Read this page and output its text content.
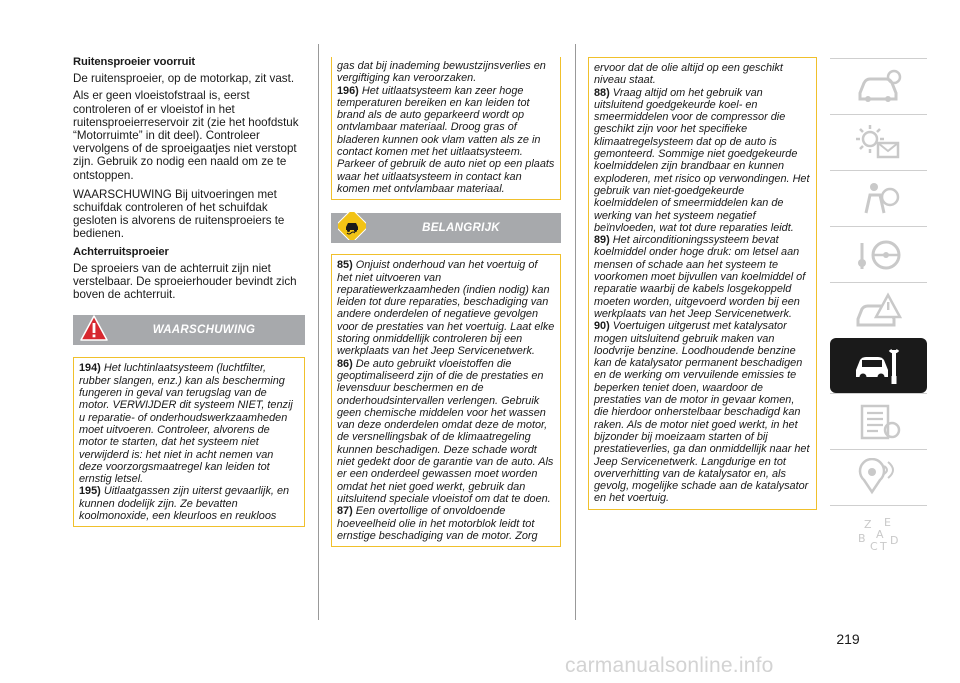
Ruitensproeier voorruit

De ruitensproeier, op de motorkap, zit vast.

Als er geen vloeistofstraal is, eerst controleren of er vloeistof in het ruitensproeierreservoir zit (zie het hoofdstuk “Motorruimte” in dit deel). Controleer vervolgens of de sproeigaatjes niet verstopt zijn. Gebruik zo nodig een naald om ze te ontstoppen.

WAARSCHUWING Bij uitvoeringen met schuifdak controleren of het schuifdak gesloten is alvorens de ruitensproeiers te bedienen.

Achterruitsproeier

De sproeiers van de achterruit zijn niet verstelbaar. De sproeierhouder bevindt zich boven de achterruit.

WAARSCHUWING
194) Het luchtinlaatsysteem (luchtfilter, rubber slangen, enz.) kan als bescherming fungeren in geval van terugslag van de motor. VERWIJDER dit systeem NIET, tenzij u reparatie- of onderhoudswerkzaamheden moet uitvoeren. Controleer, alvorens de motor te starten, dat het systeem niet verwijderd is: het niet in acht nemen van deze voorzorgsmaatregel kan leiden tot ernstig letsel.
195) Uitlaatgassen zijn uiterst gevaarlijk, en kunnen dodelijk zijn. Ze bevatten koolmonoxide, een kleurloos en reukloos
gas dat bij inademing bewustzijnsverlies en vergiftiging kan veroorzaken.
196) Het uitlaatsysteem kan zeer hoge temperaturen bereiken en kan leiden tot brand als de auto geparkeerd wordt op ontvlambaar materiaal. Droog gras of bladeren kunnen ook vlam vatten als ze in contact komen met het uitlaatsysteem. Parkeer of gebruik de auto niet op een plaats waar het uitlaatsysteem in contact kan komen met ontvlambaar materiaal.
BELANGRIJK
85) Onjuist onderhoud van het voertuig of het niet uitvoeren van reparatiewerkzaamheden (indien nodig) kan leiden tot dure reparaties, beschadiging van andere onderdelen of negatieve gevolgen voor de prestaties van het voertuig. Laat elke storing onmiddellijk controleren bij een werkplaats van het Jeep Servicenetwerk.
86) De auto gebruikt vloeistoffen die geoptimaliseerd zijn of die de prestaties en levensduur beschermen en de onderhoudsintervallen verlengen. Gebruik geen chemische middelen voor het wassen van deze onderdelen omdat deze de motor, de versnellingsbak of de klimaatregeling kunnen beschadigen. Deze schade wordt niet gedekt door de garantie van de auto. Als er een onderdeel gewassen moet worden omdat het niet goed werkt, gebruik dan uitsluitend speciale vloeistof om dat te doen.
87) Een overtollige of onvoldoende hoeveelheid olie in het motorblok leidt tot ernstige beschadiging van de motor. Zorg
ervoor dat de olie altijd op een geschikt niveau staat.
88) Vraag altijd om het gebruik van uitsluitend goedgekeurde koel- en smeermiddelen voor de compressor die geschikt zijn voor het specifieke klimaatregelsysteem dat op de auto is gemonteerd. Sommige niet goedgekeurde koelmiddelen zijn brandbaar en kunnen exploderen, met risico op verwondingen. Het gebruik van niet-goedgekeurde koelmiddelen of smeermiddelen kan de werking van het systeem negatief beïnvloeden, wat tot dure reparaties leidt.
89) Het airconditioningssysteem bevat koelmiddel onder hoge druk: om letsel aan mensen of schade aan het systeem te voorkomen moet bijvullen van koelmiddel of reparatie waarbij de kabels losgekoppeld moeten worden, uitgevoerd worden bij een werkplaats van het Jeep Servicenetwerk.
90) Voertuigen uitgerust met katalysator mogen uitsluitend gebruik maken van loodvrije benzine. Loodhoudende benzine kan de katalysator permanent beschadigen en de werking om vervuilende emissies te beperken teniet doen, waardoor de prestaties van de motor in gevaar komen, die hierdoor onherstelbaar beschadigd kan raken. Als de motor niet goed werkt, in het bijzonder bij moeizaam starten of bij prestatieverlies, ga dan onmiddellijk naar het Jeep Servicenetwerk. Langdurige en tot oververhitting van de katalysator en, als gevolg, mogelijke schade aan de katalysator en het voertuig.
Z E
B
C T D
A
219
carmanualsonline.info
